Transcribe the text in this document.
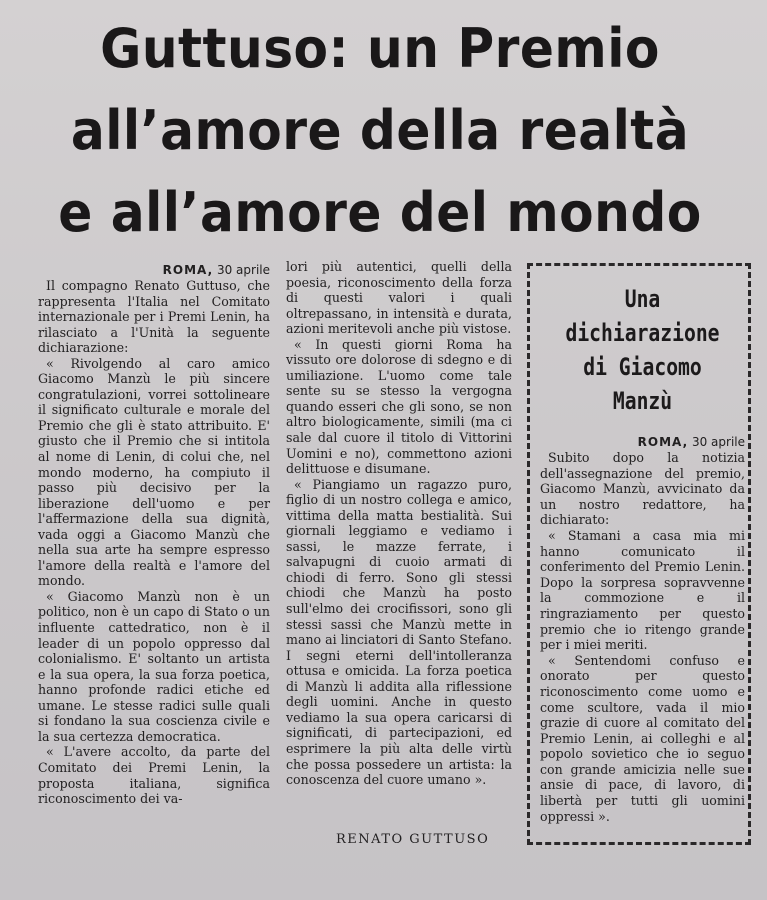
Guttuso: un Premio
all’amore della realtà
e all’amore del mondo

ROMA, 30 aprile

Il compagno Renato Guttuso, che rappresenta l'Italia nel Comitato internazionale per i Premi Lenin, ha rilasciato a l'Unità la seguente dichiarazione:

« Rivolgendo al caro amico Giacomo Manzù le più sincere congratulazioni, vorrei sottolineare il significato culturale e morale del Premio che gli è stato attribuito. E' giusto che il Premio che si intitola al nome di Lenin, di colui che, nel mondo moderno, ha compiuto il passo più decisivo per la liberazione dell'uomo e per l'affermazione della sua dignità, vada oggi a Giacomo Manzù che nella sua arte ha sempre espresso l'amore della realtà e l'amore del mondo.

« Giacomo Manzù non è un politico, non è un capo di Stato o un influente cattedratico, non è il leader di un popolo oppresso dal colonialismo. E' soltanto un artista e la sua opera, la sua forza poetica, hanno profonde radici etiche ed umane. Le stesse radici sulle quali si fondano la sua coscienza civile e la sua certezza democratica.

« L'avere accolto, da parte del Comitato dei Premi Lenin, la proposta italiana, significa riconoscimento dei va-

lori più autentici, quelli della poesia, riconoscimento della forza di questi valori i quali oltrepassano, in intensità e durata, azioni meritevoli anche più vistose.

« In questi giorni Roma ha vissuto ore dolorose di sdegno e di umiliazione. L'uomo come tale sente su se stesso la vergogna quando esseri che gli sono, se non altro biologicamente, simili (ma ci sale dal cuore il titolo di Vittorini Uomini e no), commettono azioni delittuose e disumane.

« Piangiamo un ragazzo puro, figlio di un nostro collega e amico, vittima della matta bestialità. Sui giornali leggiamo e vediamo i sassi, le mazze ferrate, i salvapugni di cuoio armati di chiodi di ferro. Sono gli stessi chiodi che Manzù ha posto sull'elmo dei crocifissori, sono gli stessi sassi che Manzù mette in mano ai linciatori di Santo Stefano. I segni eterni dell'intolleranza ottusa e omicida. La forza poetica di Manzù li addita alla riflessione degli uomini. Anche in questo vediamo la sua opera caricarsi di significati, di partecipazioni, ed esprimere la più alta delle virtù che possa possedere un artista: la conoscenza del cuore umano ».

RENATO GUTTUSO
Una
dichiarazione
di Giacomo
Manzù

ROMA, 30 aprile

Subito dopo la notizia dell'assegnazione del premio, Giacomo Manzù, avvicinato da un nostro redattore, ha dichiarato:

« Stamani a casa mia mi hanno comunicato il conferimento del Premio Lenin. Dopo la sorpresa sopravvenne la commozione e il ringraziamento per questo premio che io ritengo grande per i miei meriti.

« Sentendomi confuso e onorato per questo riconoscimento come uomo e come scultore, vada il mio grazie di cuore al comitato del Premio Lenin, ai colleghi e al popolo sovietico che io seguo con grande amicizia nelle sue ansie di pace, di lavoro, di libertà per tutti gli uomini oppressi ».
